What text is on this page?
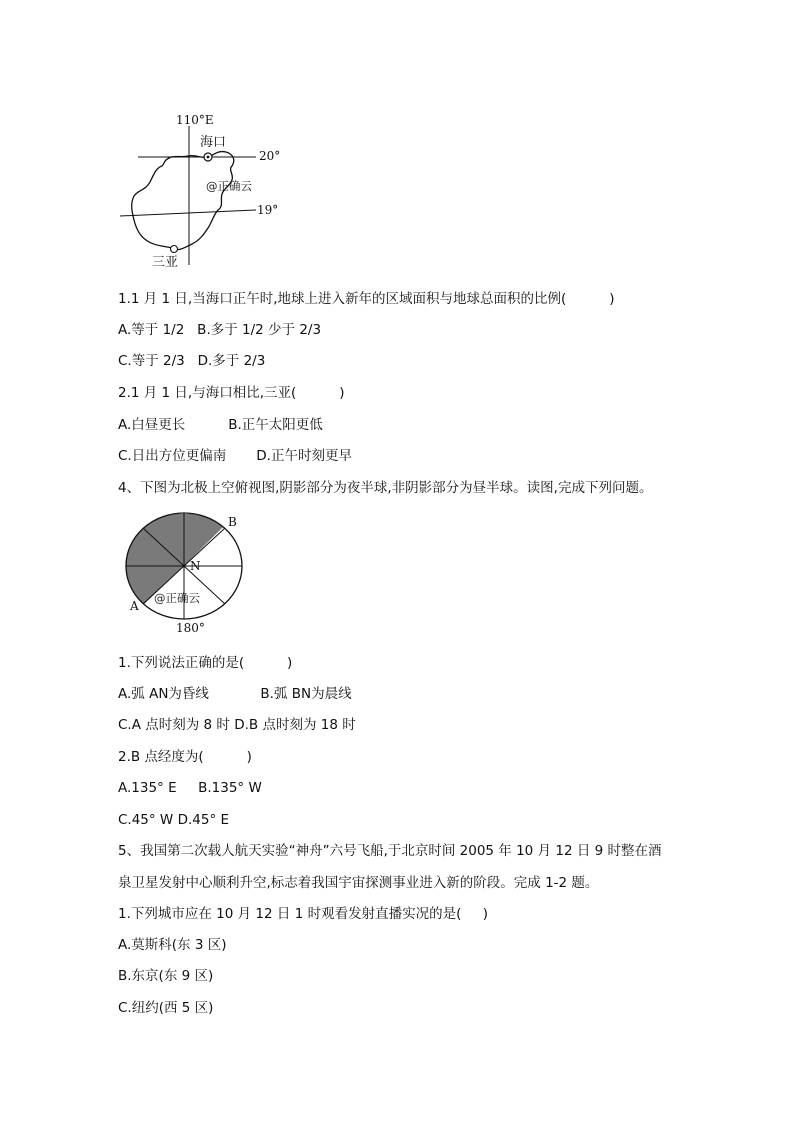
110°E
海口
20°
19°
三亚
@正确云
1.1 月 1 日,当海口正午时,地球上进入新年的区域面积与地球总面积的比例(          )
A.等于 1/2   B.多于 1/2 少于 2/3
C.等于 2/3   D.多于 2/3
2.1 月 1 日,与海口相比,三亚(          )
A.白昼更长          B.正午太阳更低
C.日出方位更偏南       D.正午时刻更早
4、下图为北极上空俯视图,阴影部分为夜半球,非阴影部分为昼半球。读图,完成下列问题。
B
N
A
@正确云
180°
1.下列说法正确的是(          )
A.弧 AN为昏线            B.弧 BN为晨线
C.A 点时刻为 8 时 D.B 点时刻为 18 时
2.B 点经度为(          )
A.135° E     B.135° W
C.45° W D.45° E
5、我国第二次载人航天实验“神舟”六号飞船,于北京时间 2005 年 10 月 12 日 9 时整在酒
泉卫星发射中心顺利升空,标志着我国宇宙探测事业进入新的阶段。完成 1-2 题。
1.下列城市应在 10 月 12 日 1 时观看发射直播实况的是(     )
A.莫斯科(东 3 区)
B.东京(东 9 区)
C.纽约(西 5 区)
